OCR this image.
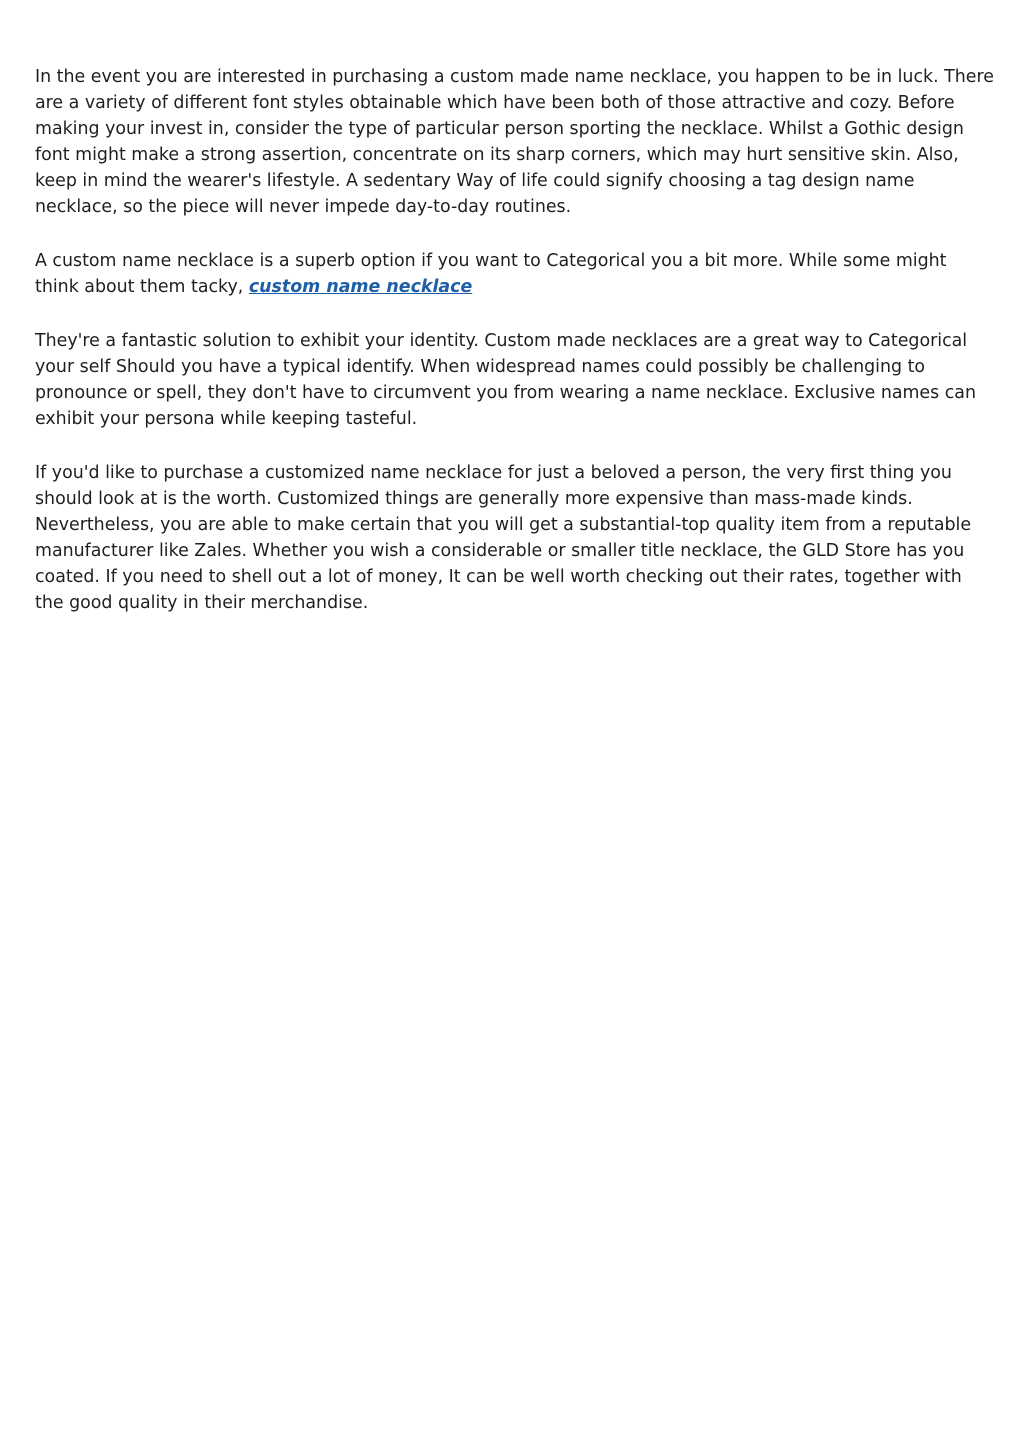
In the event you are interested in purchasing a custom made name necklace, you happen to be in luck. There are a variety of different font styles obtainable which have been both of those attractive and cozy. Before making your invest in, consider the type of particular person sporting the necklace. Whilst a Gothic design font might make a strong assertion, concentrate on its sharp corners, which may hurt sensitive skin. Also, keep in mind the wearer's lifestyle. A sedentary Way of life could signify choosing a tag design name necklace, so the piece will never impede day-to-day routines.

A custom name necklace is a superb option if you want to Categorical you a bit more. While some might think about them tacky, custom name necklace

They're a fantastic solution to exhibit your identity. Custom made necklaces are a great way to Categorical your self Should you have a typical identify. When widespread names could possibly be challenging to pronounce or spell, they don't have to circumvent you from wearing a name necklace. Exclusive names can exhibit your persona while keeping tasteful.

If you'd like to purchase a customized name necklace for just a beloved a person, the very first thing you should look at is the worth. Customized things are generally more expensive than mass-made kinds. Nevertheless, you are able to make certain that you will get a substantial-top quality item from a reputable manufacturer like Zales. Whether you wish a considerable or smaller title necklace, the GLD Store has you coated. If you need to shell out a lot of money, It can be well worth checking out their rates, together with the good quality in their merchandise.
